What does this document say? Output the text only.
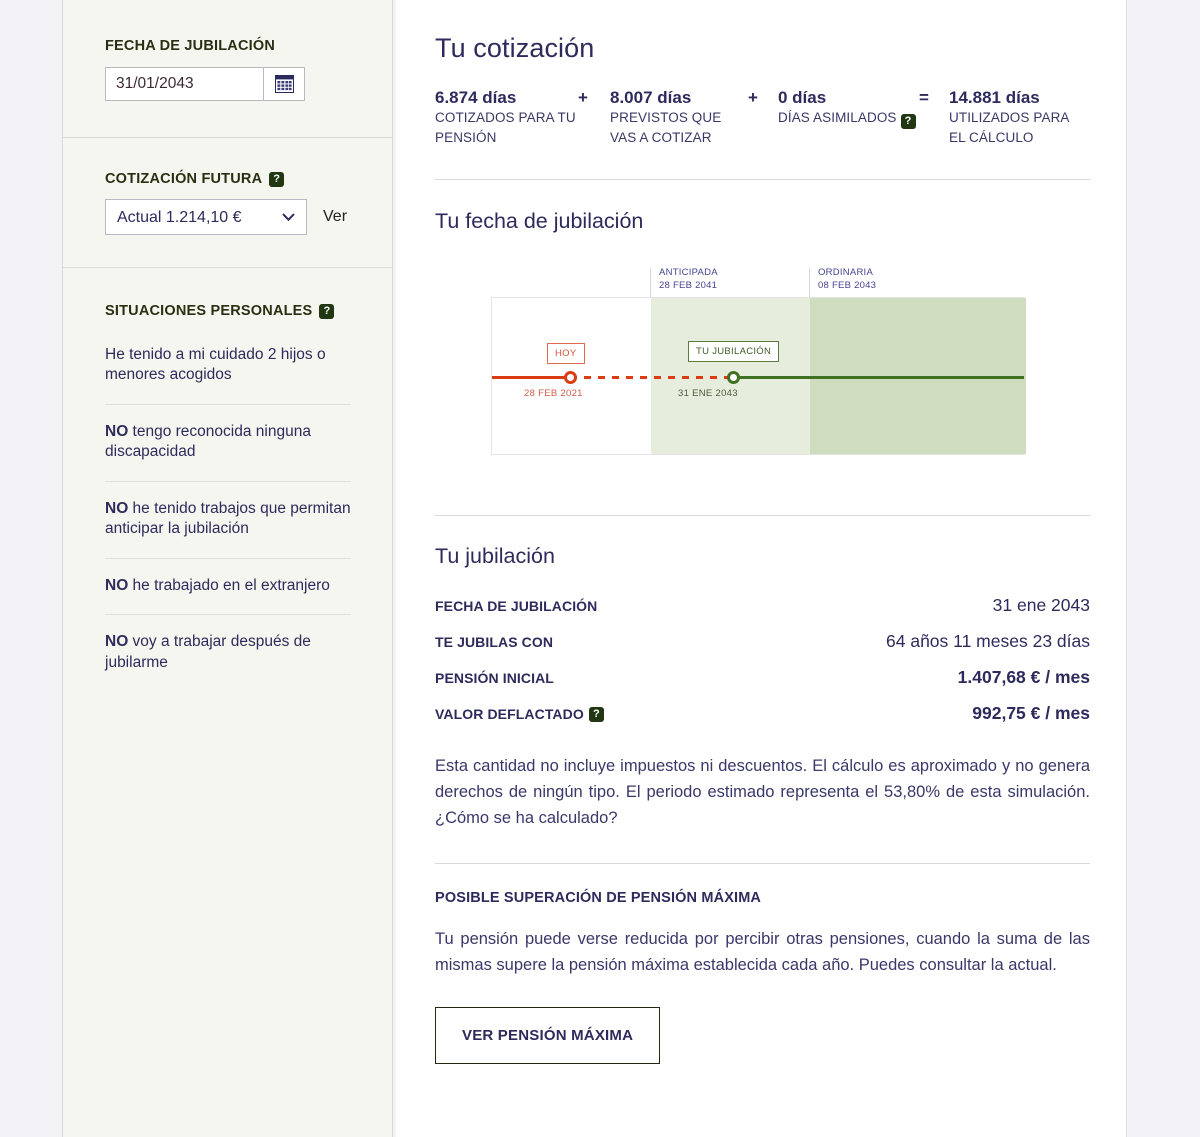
FECHA DE JUBILACIÓN
31/01/2043
COTIZACIÓN FUTURA	?
Actual 1.214,10 €
Ver
SITUACIONES PERSONALES	?
He tenido a mi cuidado 2 hijos o menores acogidos
NO tengo reconocida ninguna discapacidad
NO he tenido trabajos que permitan anticipar la jubilación
NO he trabajado en el extranjero
NO voy a trabajar después de jubilarme
Tu cotización
6.874 días
COTIZADOS PARA TU PENSIÓN
+	8.007 días
PREVISTOS QUE VAS A COTIZAR
+	0 días
DÍAS ASIMILADOS ?
=	14.881 días
UTILIZADOS PARA EL CÁLCULO
Tu fecha de jubilación
ANTICIPADA
28 FEB 2041
ORDINARIA
08 FEB 2043
HOY	TU JUBILACIÓN
28 FEB 2021	31 ENE 2043
Tu jubilación
FECHA DE JUBILACIÓN	31 ene 2043
TE JUBILAS CON	64 años 11 meses 23 días
PENSIÓN INICIAL	1.407,68 € / mes
VALOR DEFLACTADO ?	992,75 € / mes

Esta cantidad no incluye impuestos ni descuentos. El cálculo es aproximado y no genera derechos de ningún tipo. El periodo estimado representa el 53,80% de esta simulación. ¿Cómo se ha calculado?

POSIBLE SUPERACIÓN DE PENSIÓN MÁXIMA

Tu pensión puede verse reducida por percibir otras pensiones, cuando la suma de las mismas supere la pensión máxima establecida cada año. Puedes consultar la actual.

VER PENSIÓN MÁXIMA
